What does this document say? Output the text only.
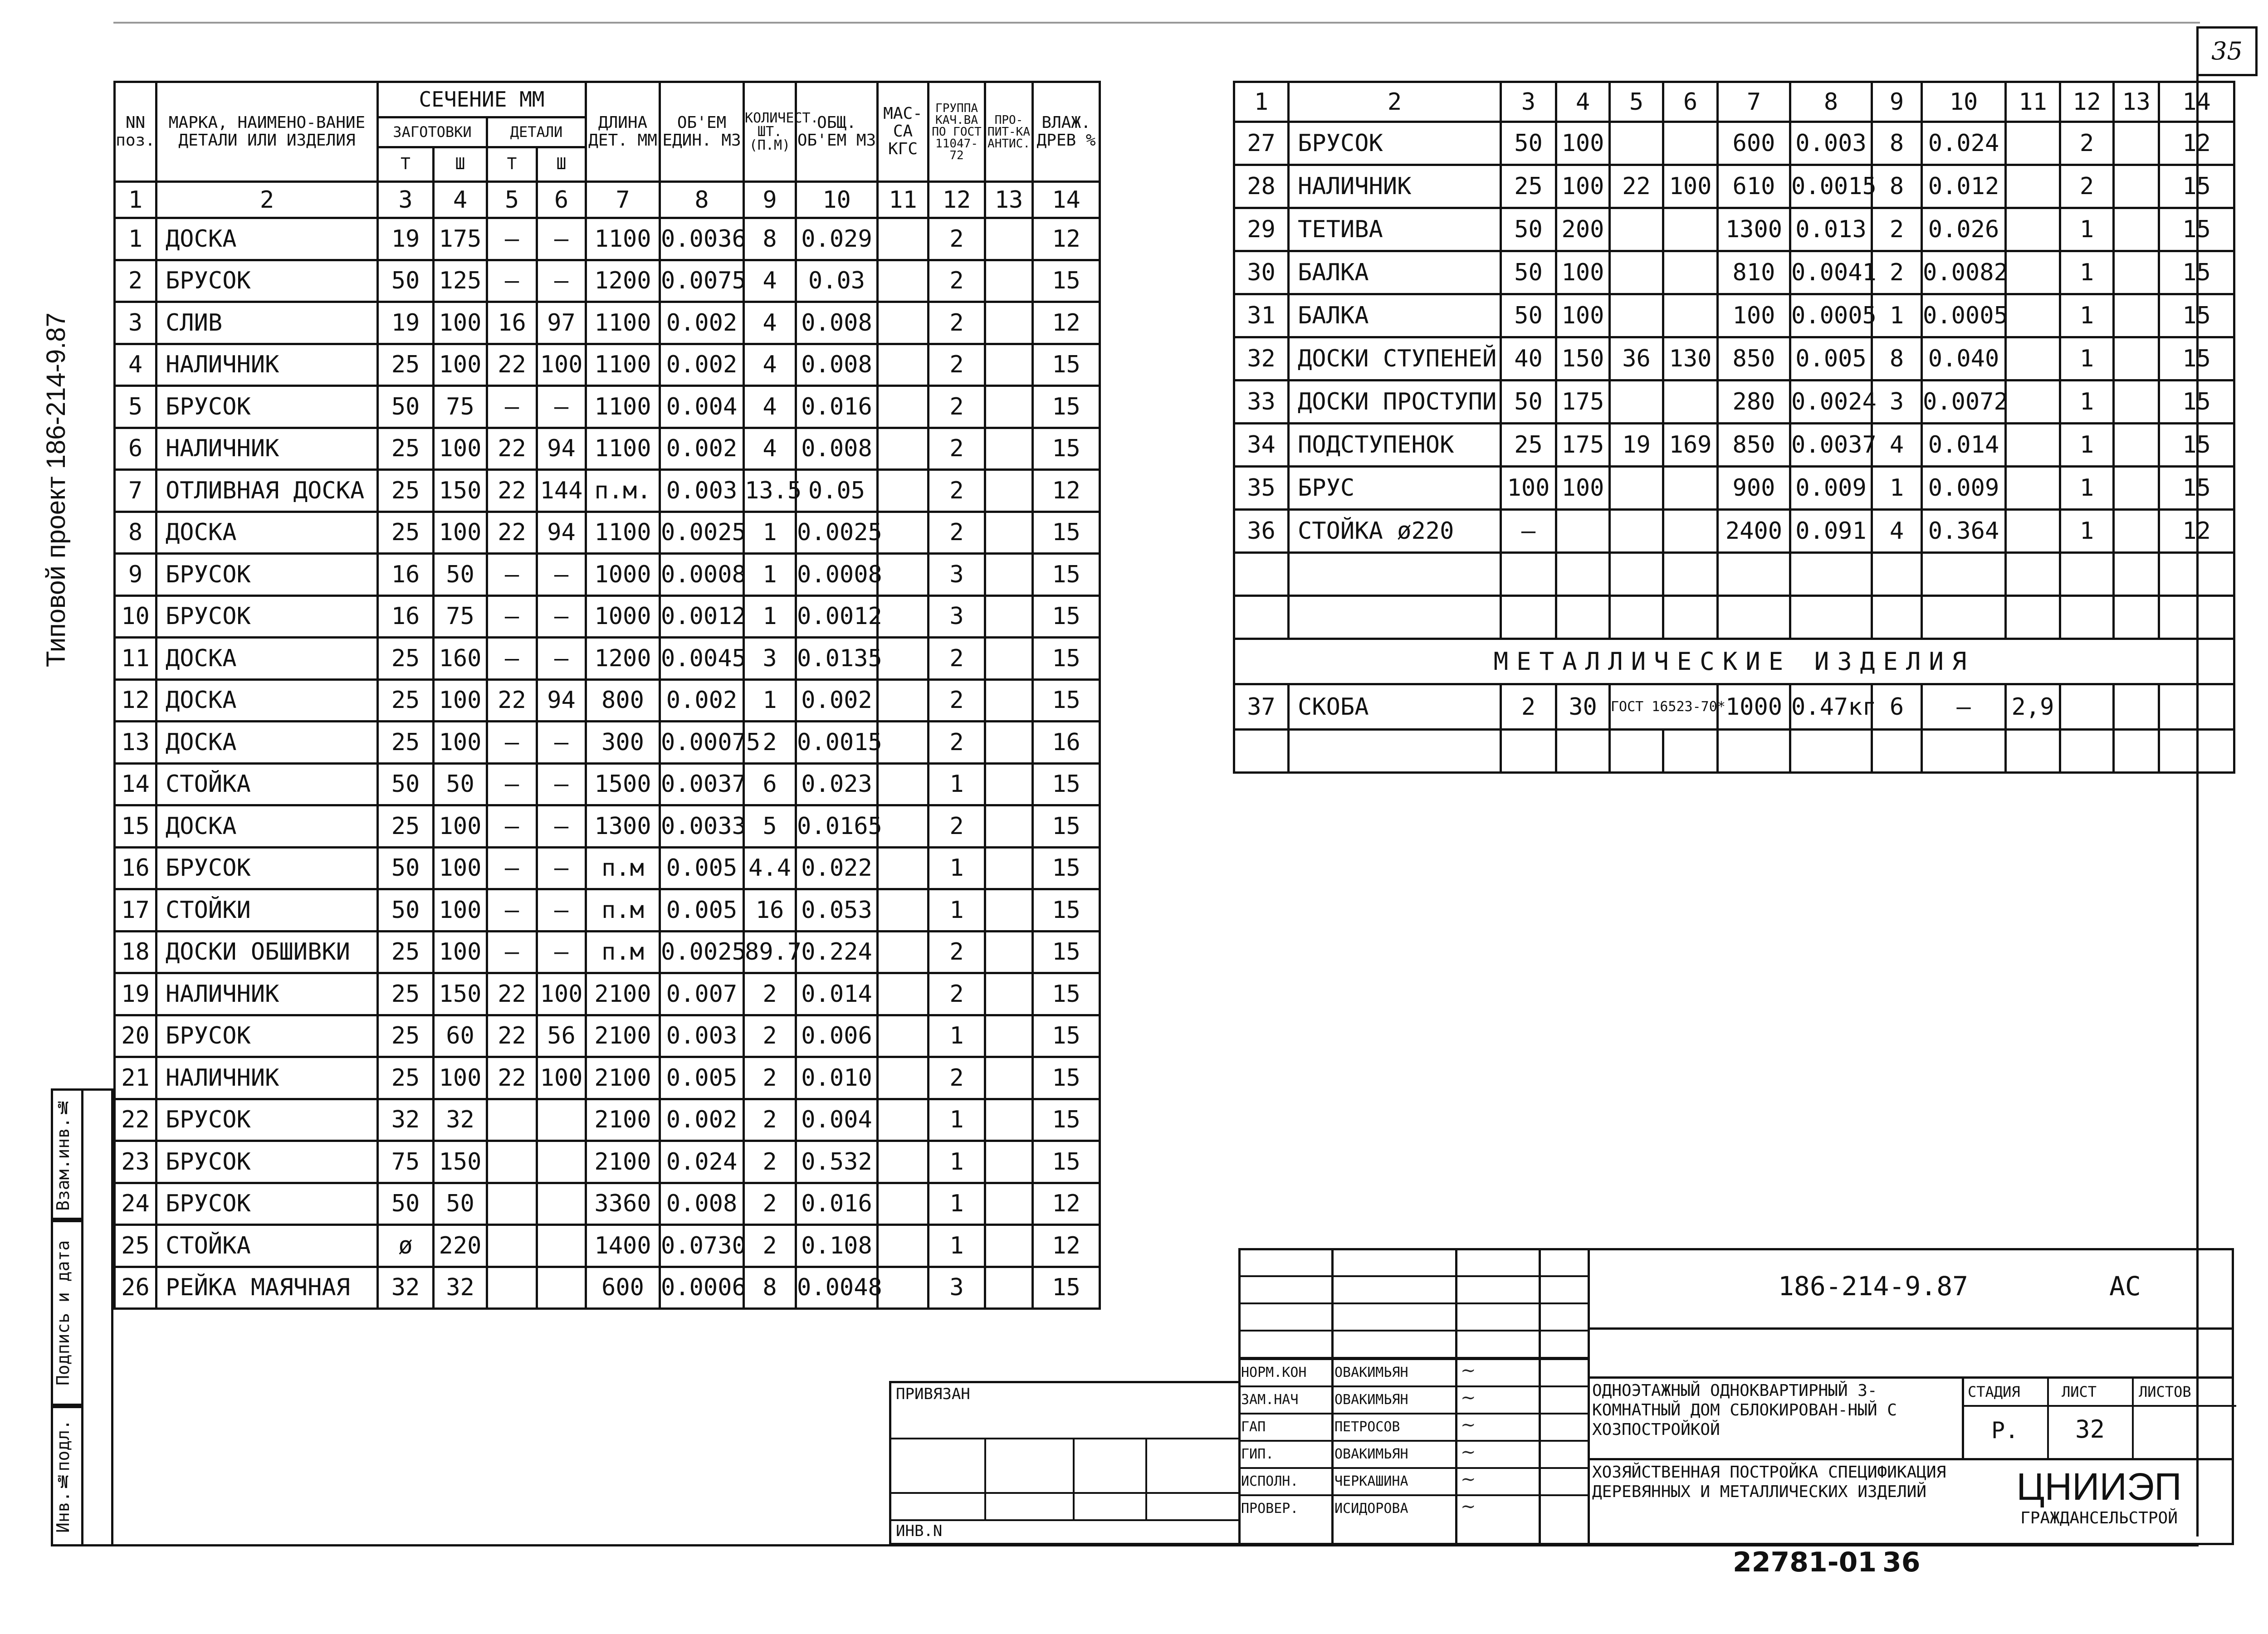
35
Типовой проект 186-214-9.87
Инв.№подл.
Подпись и дата
Взам.инв.№
NN поз.	МАРКА, НАИМЕНО-ВАНИЕ ДЕТАЛИ ИЛИ ИЗДЕЛИЯ	СЕЧЕНИЕ ММ				ДЛИНА ДЕТ. ММ	ОБ'ЕМ ЕДИН. М3	КОЛИЧЕСТ. ШТ. (П.М)	ОБЩ. ОБ'ЕМ М3	МАС-СА КГС	ГРУППА КАЧ.ВА ПО ГОСТ 11047-72	ПРО-ПИТ-КА АНТИС.	ВЛАЖ. ДРЕВ %
		ЗАГОТОВКИ		ДЕТАЛИ									
		Т	Ш	Т	Ш								
1	2	3	4	5	6	7	8	9	10	11	12	13	14
1	ДОСКА	19	175	—	—	1100	0.0036	8	0.029		2		12
2	БРУСОК	50	125	—	—	1200	0.0075	4	0.03		2		15
3	СЛИВ	19	100	16	97	1100	0.002	4	0.008		2		12
4	НАЛИЧНИК	25	100	22	100	1100	0.002	4	0.008		2		15
5	БРУСОК	50	75	—	—	1100	0.004	4	0.016		2		15
6	НАЛИЧНИК	25	100	22	94	1100	0.002	4	0.008		2		15
7	ОТЛИВНАЯ ДОСКА	25	150	22	144	п.м.	0.003	13.5	0.05		2		12
8	ДОСКА	25	100	22	94	1100	0.0025	1	0.0025		2		15
9	БРУСОК	16	50	—	—	1000	0.0008	1	0.0008		3		15
10	БРУСОК	16	75	—	—	1000	0.0012	1	0.0012		3		15
11	ДОСКА	25	160	—	—	1200	0.0045	3	0.0135		2		15
12	ДОСКА	25	100	22	94	800	0.002	1	0.002		2		15
13	ДОСКА	25	100	—	—	300	0.00075	2	0.0015		2		16
14	СТОЙКА	50	50	—	—	1500	0.0037	6	0.023		1		15
15	ДОСКА	25	100	—	—	1300	0.0033	5	0.0165		2		15
16	БРУСОК	50	100	—	—	п.м	0.005	4.4	0.022		1		15
17	СТОЙКИ	50	100	—	—	п.м	0.005	16	0.053		1		15
18	ДОСКИ ОБШИВКИ	25	100	—	—	п.м	0.0025	89.7	0.224		2		15
19	НАЛИЧНИК	25	150	22	100	2100	0.007	2	0.014		2		15
20	БРУСОК	25	60	22	56	2100	0.003	2	0.006		1		15
21	НАЛИЧНИК	25	100	22	100	2100	0.005	2	0.010		2		15
22	БРУСОК	32	32			2100	0.002	2	0.004		1		15
23	БРУСОК	75	150			2100	0.024	2	0.532		1		15
24	БРУСОК	50	50			3360	0.008	2	0.016		1		12
25	СТОЙКА	ø	220			1400	0.0730	2	0.108		1		12
26	РЕЙКА МАЯЧНАЯ	32	32			600	0.0006	8	0.0048		3		15
1	2	3	4	5	6	7	8	9	10	11	12	13	14
27	БРУСОК	50	100			600	0.003	8	0.024		2		12
28	НАЛИЧНИК	25	100	22	100	610	0.0015	8	0.012		2		15
29	ТЕТИВА	50	200			1300	0.013	2	0.026		1		15
30	БАЛКА	50	100			810	0.0041	2	0.0082		1		15
31	БАЛКА	50	100			100	0.0005	1	0.0005		1		15
32	ДОСКИ СТУПЕНЕЙ	40	150	36	130	850	0.005	8	0.040		1		15
33	ДОСКИ ПРОСТУПИ	50	175			280	0.0024	3	0.0072		1		15
34	ПОДСТУПЕНОК	25	175	19	169	850	0.0037	4	0.014		1		15
35	БРУС	100	100			900	0.009	1	0.009		1		15
36	СТОЙКА ø220	—				2400	0.091	4	0.364		1		12

МЕТАЛЛИЧЕСКИЕ ИЗДЕЛИЯ													
37	СКОБА	2	30	ГОСТ 16523-70*		1000	0.47кг	6	–	2,9			

НОРМ.КОН ОВАКИМЬЯН	~
ЗАМ.НАЧ	ОВАКИМЬЯН	~
ГАП	ПЕТРОСОВ	~
ГИП.	ОВАКИМЬЯН	~
ИСПОЛН.	ЧЕРКАШИНА	~
ПРОВЕР.	ИСИДОРОВА	~
ПРИВЯЗАН
ИНВ.N
186-214-9.87	АС
ОДНОЭТАЖНЫЙ ОДНОКВАРТИРНЫЙ 3-КОМНАТНЫЙ ДОМ СБЛОКИРОВАН-НЫЙ С ХОЗПОСТРОЙКОЙ
ХОЗЯЙСТВЕННАЯ ПОСТРОЙКА СПЕЦИФИКАЦИЯ ДЕРЕВЯННЫХ И МЕТАЛЛИЧЕСКИХ ИЗДЕЛИЙ
СТАДИЯ	ЛИСТ	ЛИСТОВ
Р. 32
ЦНИИЭП
ГРАЖДАНСЕЛЬСТРОЙ
22781-01 36
